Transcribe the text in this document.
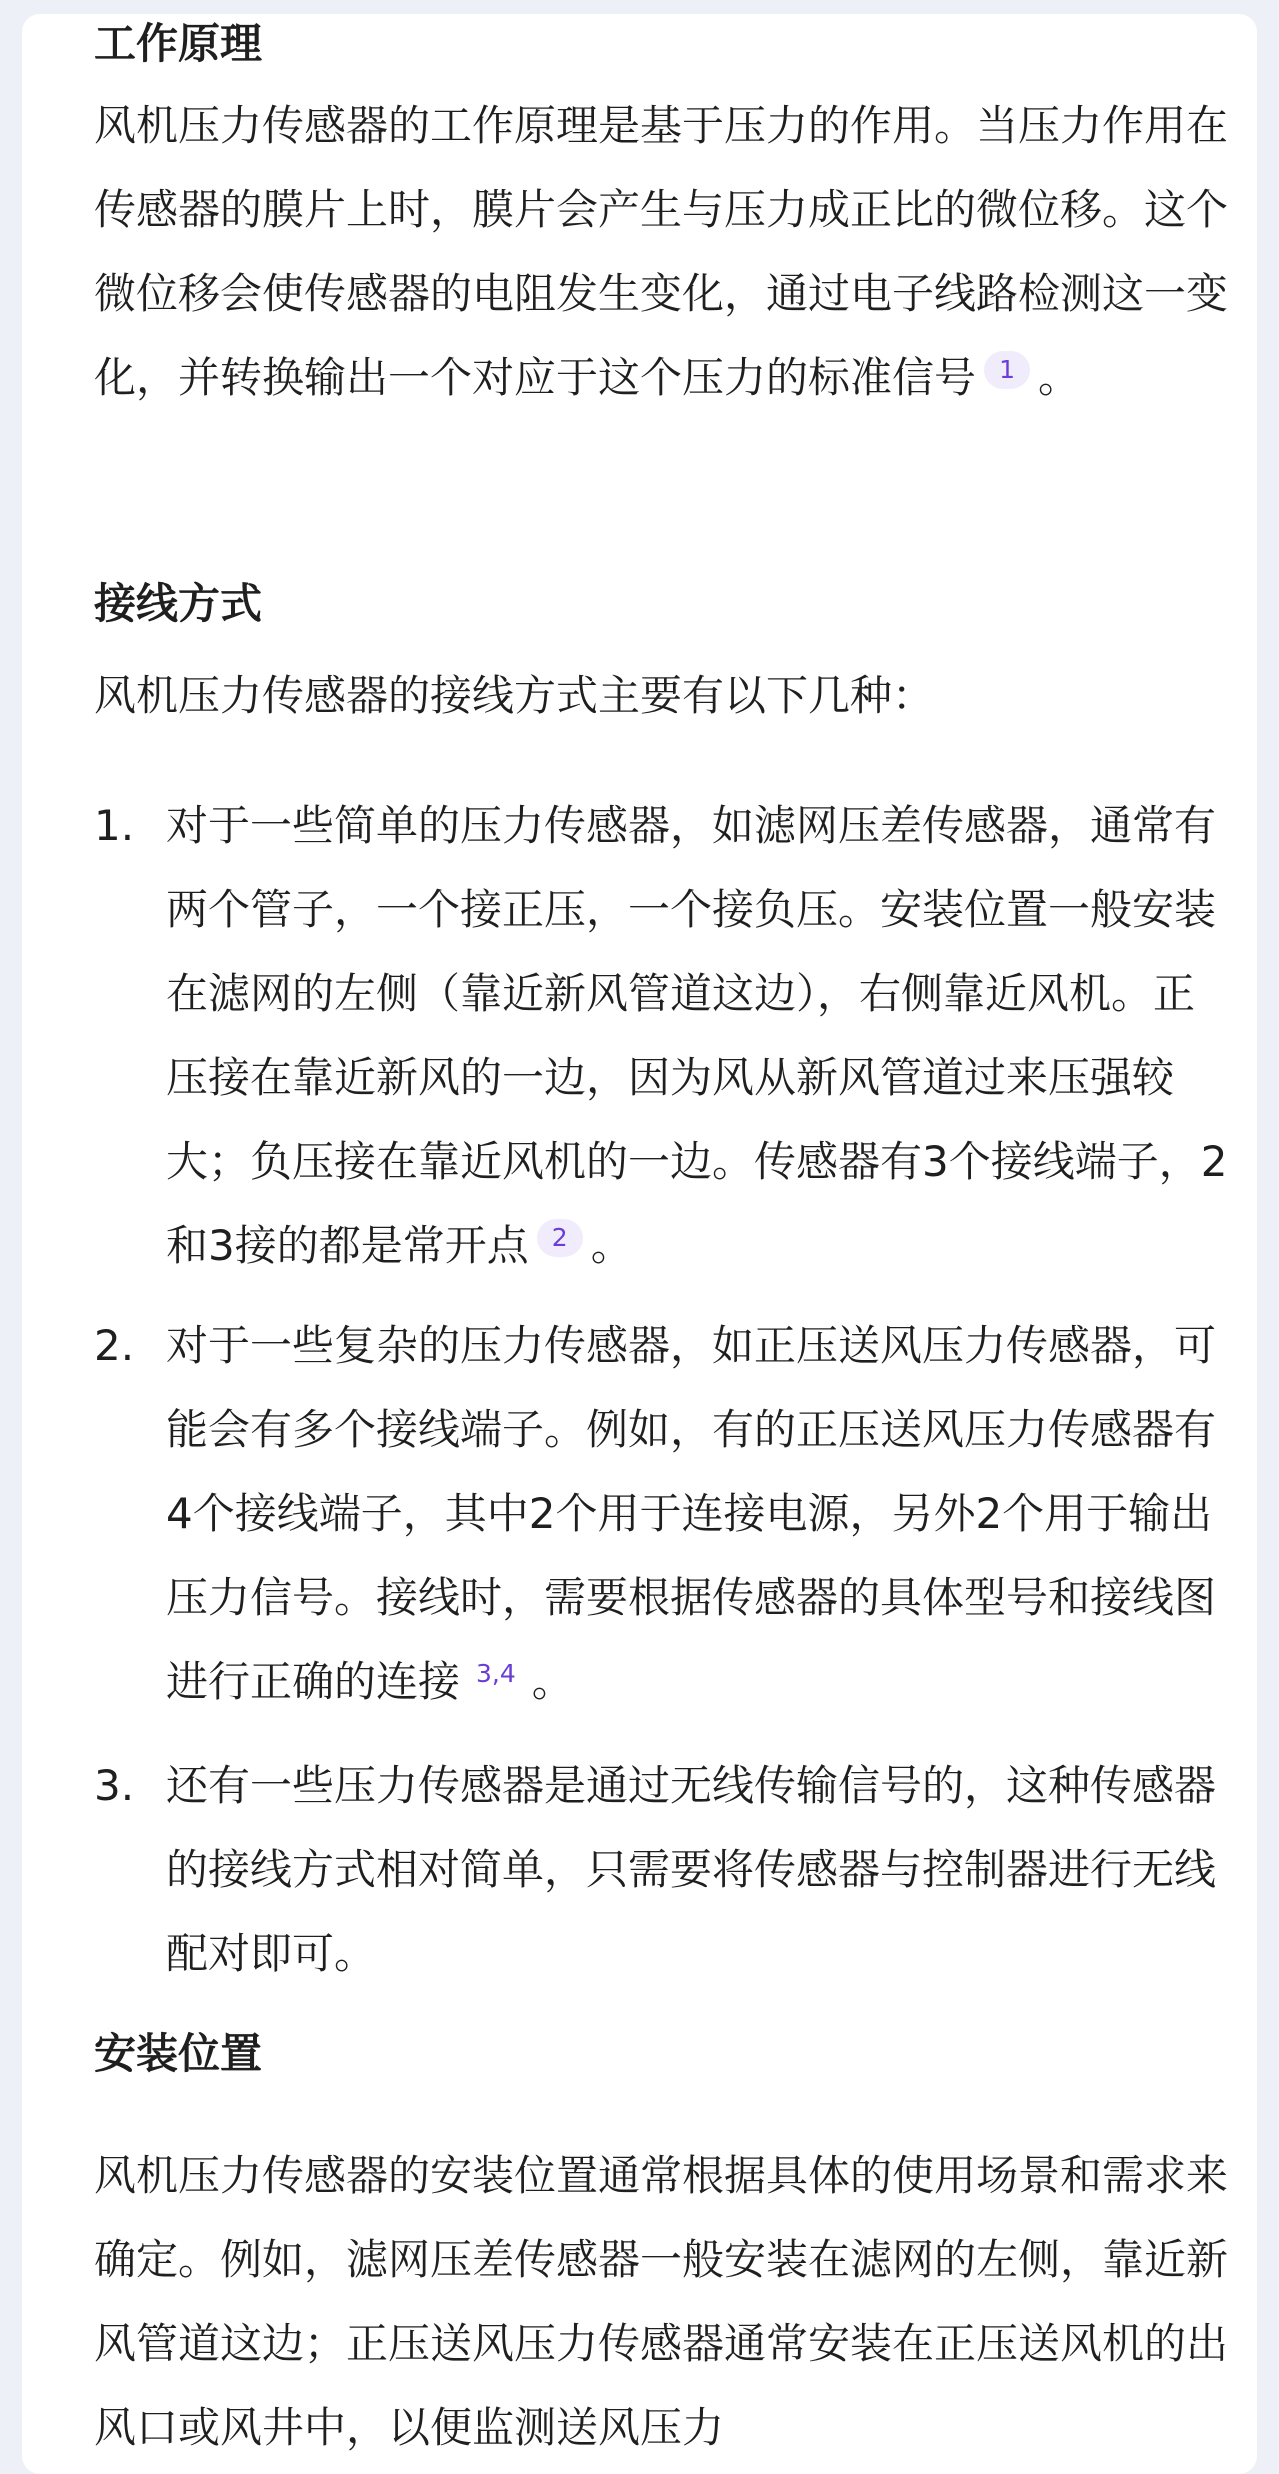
工作原理

风机压力传感器的工作原理是基于压力的作用。当压力作用在传感器的膜片上时，膜片会产生与压力成正比的微位移。这个微位移会使传感器的电阻发生变化，通过电子线路检测这一变化，并转换输出一个对应于这个压力的标准信号 1 。

接线方式

风机压力传感器的接线方式主要有以下几种：

1. 对于一些简单的压力传感器，如滤网压差传感器，通常有两个管子，一个接正压，一个接负压。安装位置一般安装在滤网的左侧（靠近新风管道这边），右侧靠近风机。正压接在靠近新风的一边，因为风从新风管道过来压强较大；负压接在靠近风机的一边。传感器有3个接线端子，2和3接的都是常开点 2 。

2. 对于一些复杂的压力传感器，如正压送风压力传感器，可能会有多个接线端子。例如，有的正压送风压力传感器有4个接线端子，其中2个用于连接电源，另外2个用于输出压力信号。接线时，需要根据传感器的具体型号和接线图进行正确的连接 3,4 。

3. 还有一些压力传感器是通过无线传输信号的，这种传感器的接线方式相对简单，只需要将传感器与控制器进行无线配对即可。

安装位置

风机压力传感器的安装位置通常根据具体的使用场景和需求来确定。例如，滤网压差传感器一般安装在滤网的左侧，靠近新风管道这边；正压送风压力传感器通常安装在正压送风机的出风口或风井中，以便监测送风压力
